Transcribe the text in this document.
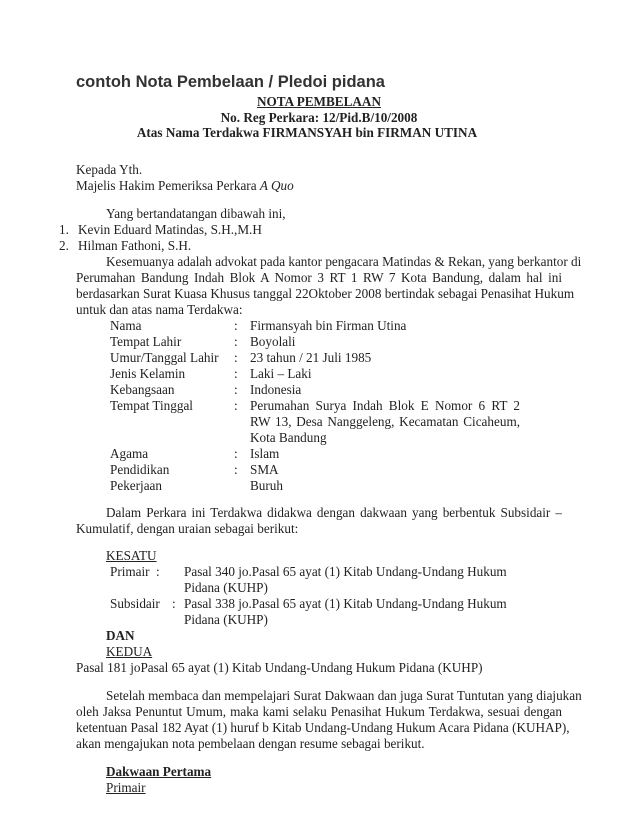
contoh Nota Pembelaan / Pledoi pidana
NOTA PEMBELAAN
No. Reg Perkara: 12/Pid.B/10/2008
Atas Nama Terdakwa FIRMANSYAH bin FIRMAN UTINA
Kepada Yth.
Majelis Hakim Pemeriksa Perkara A Quo
Yang bertandatangan dibawah ini,
1. Kevin Eduard Matindas, S.H.,M.H
2. Hilman Fathoni, S.H.
Kesemuanya adalah advokat pada kantor pengacara Matindas & Rekan, yang berkantor di
Perumahan Bandung Indah Blok A Nomor 3 RT 1 RW 7 Kota Bandung, dalam hal ini
berdasarkan Surat Kuasa Khusus tanggal 22Oktober 2008 bertindak sebagai Penasihat Hukum
untuk dan atas nama Terdakwa:
Nama	: Firmansyah bin Firman Utina
Tempat Lahir	: Boyolali
Umur/Tanggal Lahir : 23 tahun / 21 Juli 1985
Jenis Kelamin	: Laki – Laki
Kebangsaan	: Indonesia
Tempat Tinggal	: Perumahan Surya Indah Blok E Nomor 6 RT 2
RW 13, Desa Nanggeleng, Kecamatan Cicaheum,
Kota Bandung
Agama	: Islam
Pendidikan	: SMA
Pekerjaan	Buruh
Dalam Perkara ini Terdakwa didakwa dengan dakwaan yang berbentuk Subsidair –
Kumulatif, dengan uraian sebagai berikut:
KESATU
Primair : Pasal 340 jo.Pasal 65 ayat (1) Kitab Undang-Undang Hukum
Pidana (KUHP)
Subsidair : Pasal 338 jo.Pasal 65 ayat (1) Kitab Undang-Undang Hukum
Pidana (KUHP)
DAN
KEDUA
Pasal 181 joPasal 65 ayat (1) Kitab Undang-Undang Hukum Pidana (KUHP)
Setelah membaca dan mempelajari Surat Dakwaan dan juga Surat Tuntutan yang diajukan
oleh Jaksa Penuntut Umum, maka kami selaku Penasihat Hukum Terdakwa, sesuai dengan
ketentuan Pasal 182 Ayat (1) huruf b Kitab Undang-Undang Hukum Acara Pidana (KUHAP),
akan mengajukan nota pembelaan dengan resume sebagai berikut.
Dakwaan Pertama
Primair
